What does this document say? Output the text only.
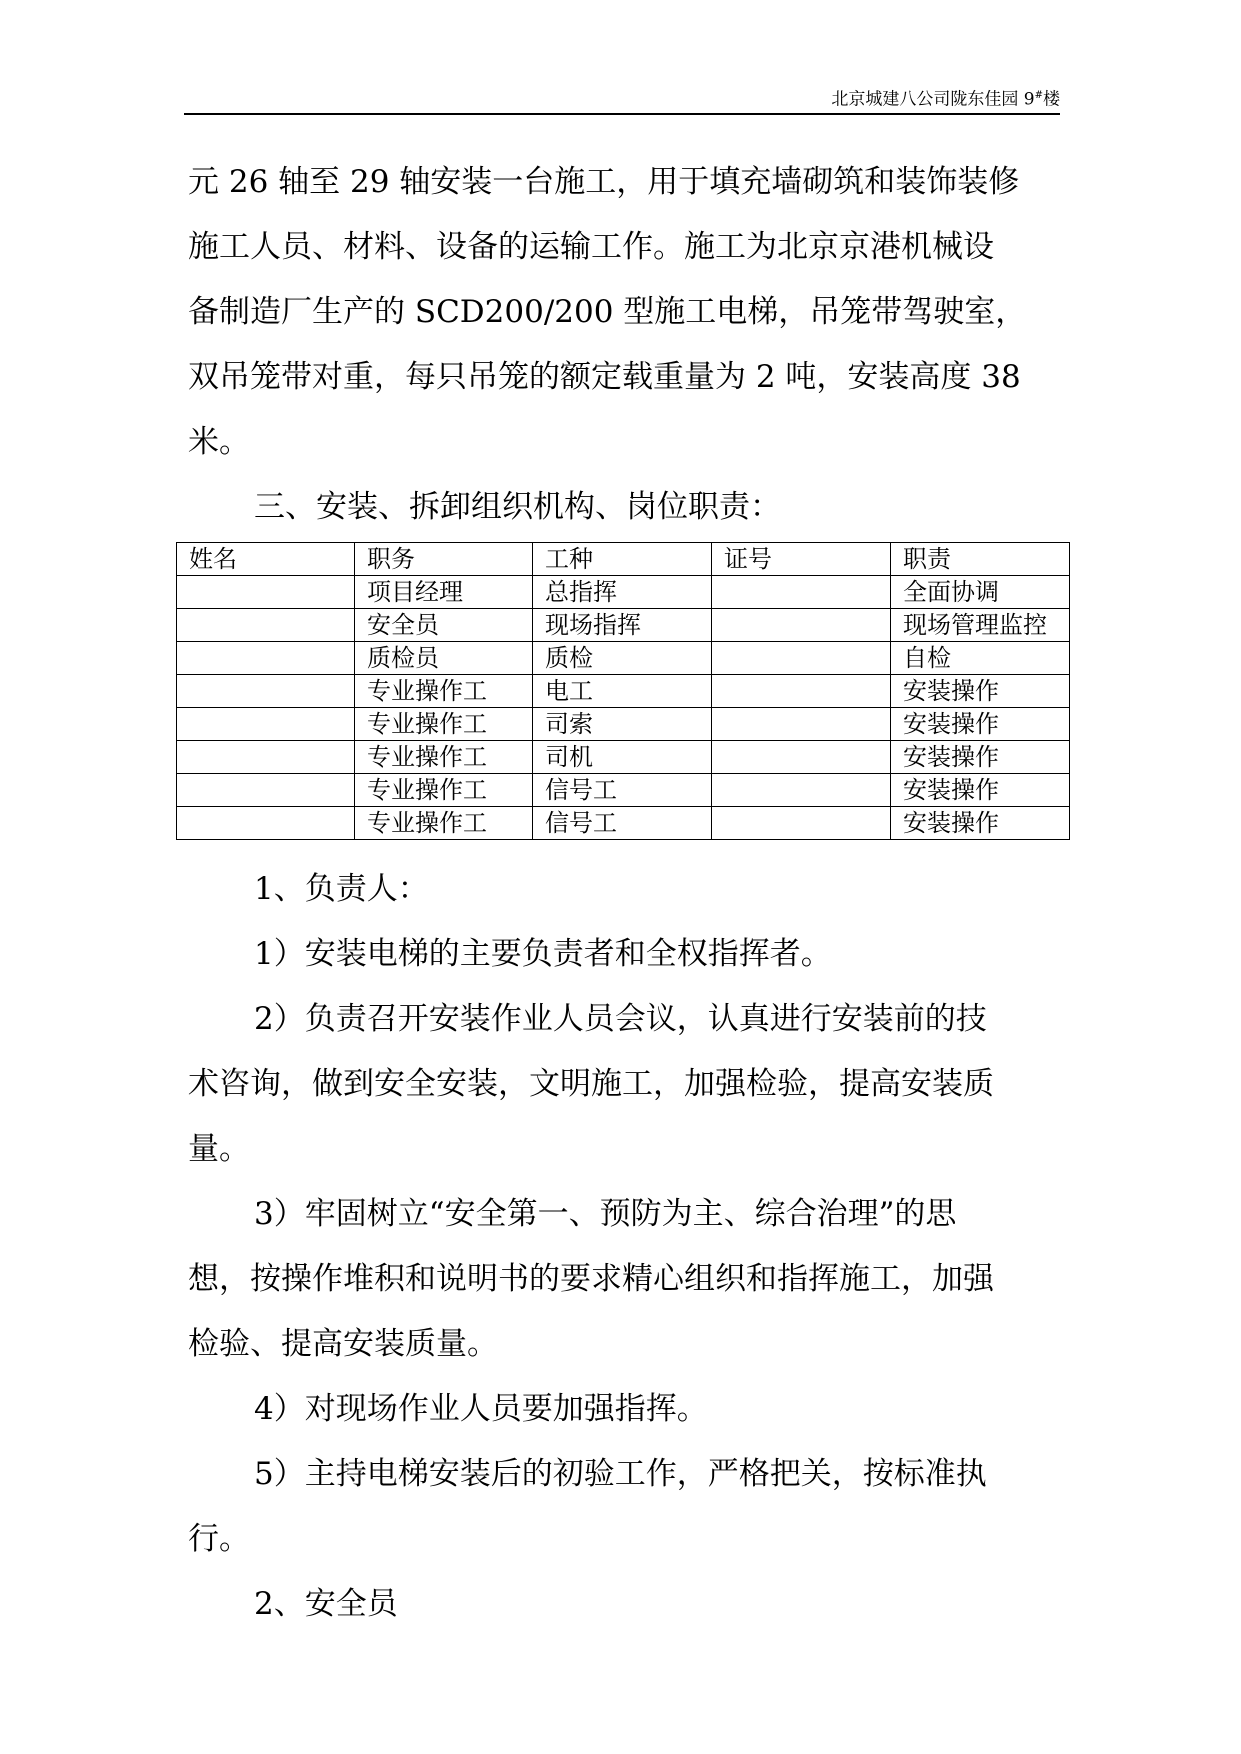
北京城建八公司陇东佳园 9#楼
元 26 轴至 29 轴安装一台施工，用于填充墙砌筑和装饰装修
施工人员、材料、设备的运输工作。施工为北京京港机械设
备制造厂生产的 SCD200/200 型施工电梯，吊笼带驾驶室，
双吊笼带对重，每只吊笼的额定载重量为 2 吨，安装高度 38
米。

三、安装、拆卸组织机构、岗位职责：

姓名	职务	工种	证号	职责
	项目经理	总指挥		全面协调
	安全员	现场指挥		现场管理监控
	质检员	质检		自检
	专业操作工	电工		安装操作
	专业操作工	司索		安装操作
	专业操作工	司机		安装操作
	专业操作工	信号工		安装操作
	专业操作工	信号工		安装操作

1、负责人：

1）安装电梯的主要负责者和全权指挥者。

2）负责召开安装作业人员会议，认真进行安装前的技

术咨询，做到安全安装，文明施工，加强检验，提高安装质

量。

3）牢固树立“安全第一、预防为主、综合治理”的思

想，按操作堆积和说明书的要求精心组织和指挥施工，加强

检验、提高安装质量。

4）对现场作业人员要加强指挥。

5）主持电梯安装后的初验工作，严格把关，按标准执

行。

2、安全员
